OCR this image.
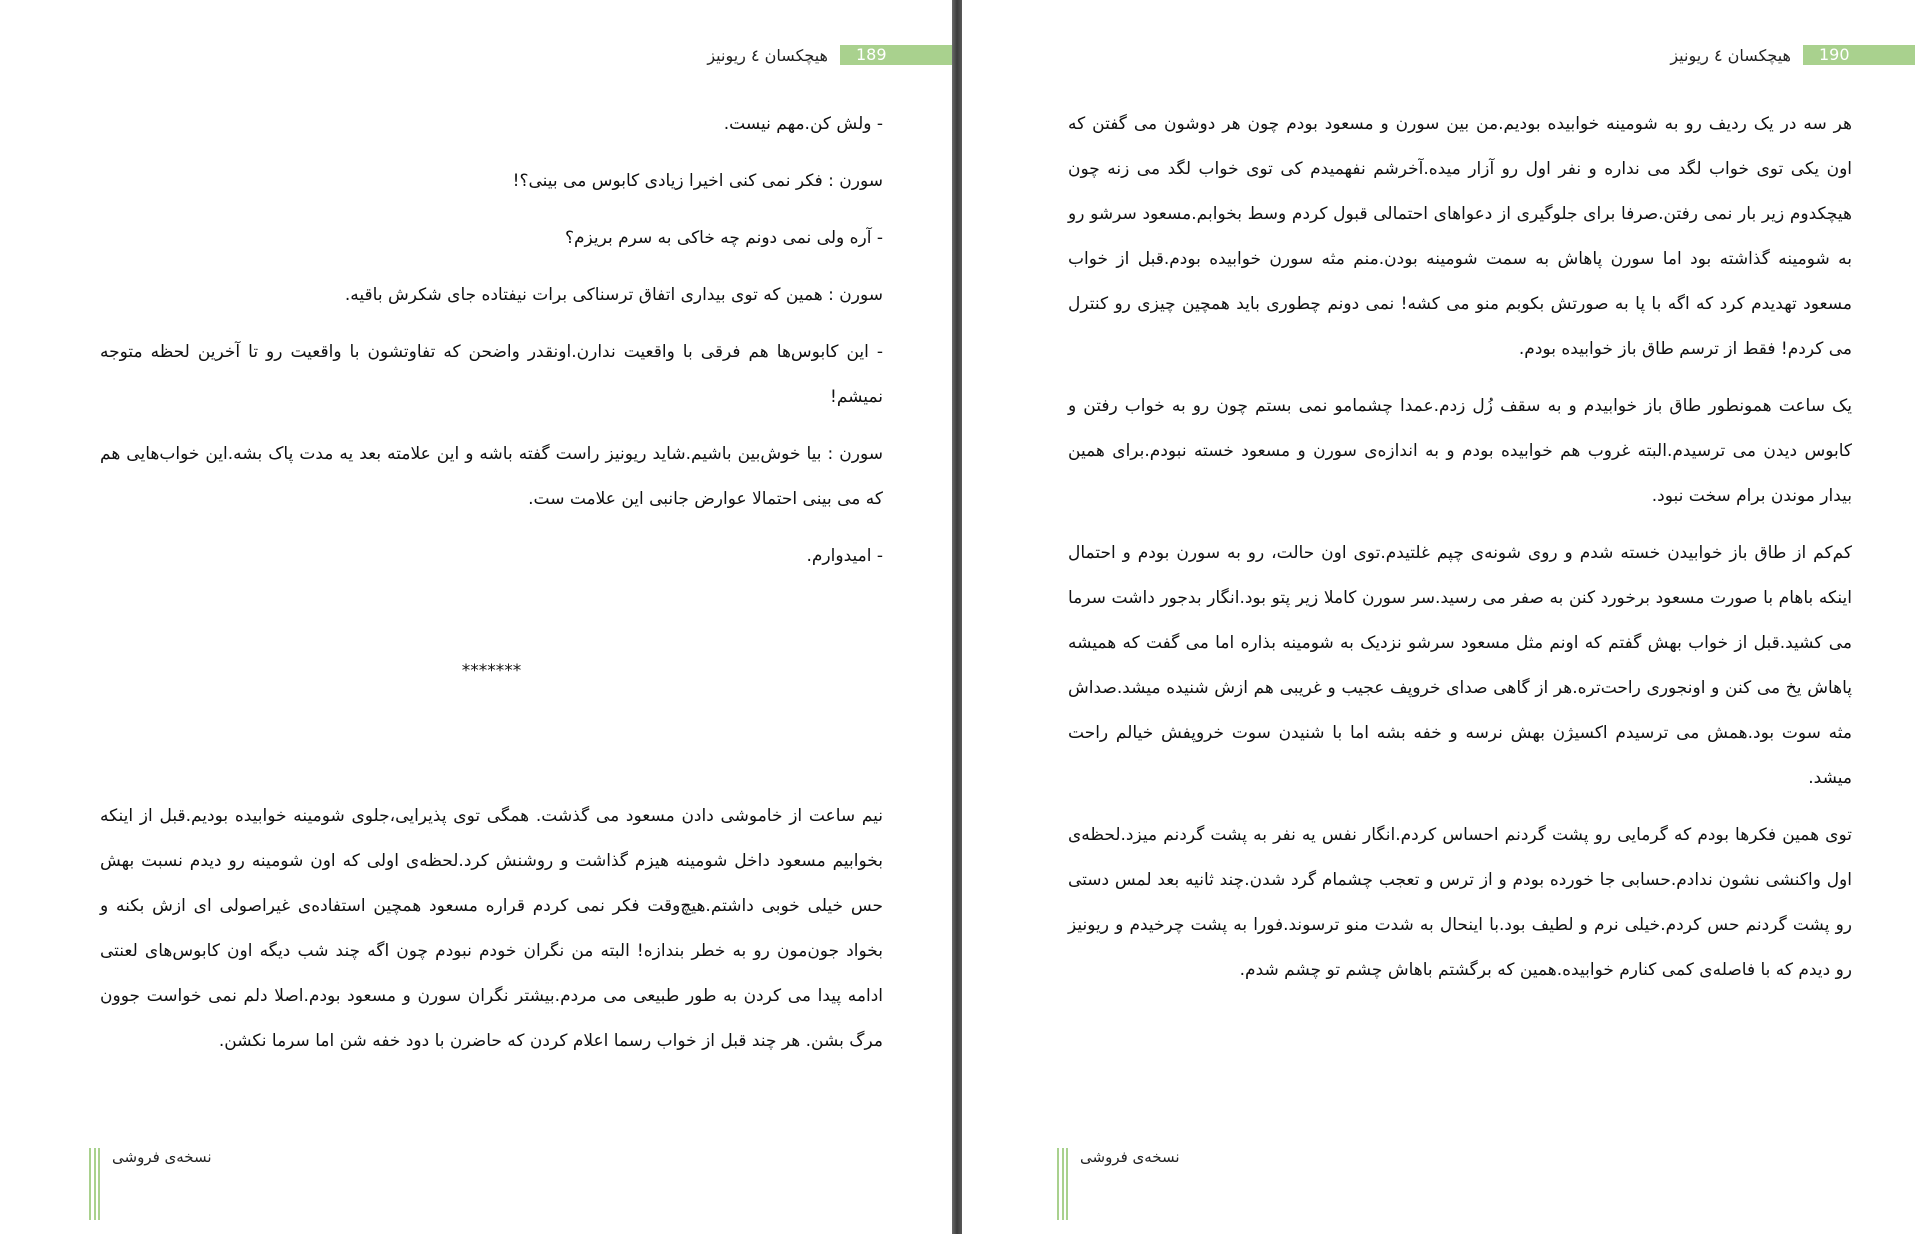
هیچکسان ٤ ریونیز	189

- ولش کن.مهم نیست.

سورن : فکر نمی کنی اخیرا زیادی کابوس می بینی؟!

- آره ولی نمی دونم چه خاکی به سرم بریزم؟

سورن : همین که توی بیداری اتفاق ترسناکی برات نیفتاده جای شکرش باقیه.

- این کابوس‌ها هم فرقی با واقعیت ندارن.اونقدر واضحن که تفاوتشون با واقعیت رو تا آخرین لحظه متوجه نمیشم!

سورن : بیا خوش‌بین باشیم.شاید ریونیز راست گفته باشه و این علامته بعد یه مدت پاک بشه.این خواب‌هایی هم که می بینی احتمالا عوارض جانبی این علامت ست.

- امیدوارم.

*******

نیم ساعت از خاموشی دادن مسعود می گذشت. همگی توی پذیرایی،جلوی شومینه خوابیده بودیم.قبل از اینکه بخوابیم مسعود داخل شومینه هیزم گذاشت و روشنش کرد.لحظه‌ی اولی که اون شومینه رو دیدم نسبت بهش حس خیلی خوبی داشتم.هیچ‌وقت فکر نمی کردم قراره مسعود همچین استفاده‌ی غیراصولی ای ازش بکنه و بخواد جون‌مون رو به خطر بندازه! البته من نگران خودم نبودم چون اگه چند شب دیگه اون کابوس‌های لعنتی ادامه پیدا می کردن به طور طبیعی می مردم.بیشتر نگران سورن و مسعود بودم.اصلا دلم نمی خواست جوون مرگ بشن. هر چند قبل از خواب رسما اعلام کردن که حاضرن با دود خفه شن اما سرما نکشن.

نسخه‌ی فروشی
هیچکسان ٤ ریونیز	190

هر سه در یک ردیف رو به شومینه خوابیده بودیم.من بین سورن و مسعود بودم چون هر دوشون می گفتن که اون یکی توی خواب لگد می نداره و نفر اول رو آزار میده.آخرشم نفهمیدم کی توی خواب لگد می زنه چون هیچکدوم زیر بار نمی رفتن.صرفا برای جلوگیری از دعواهای احتمالی قبول کردم وسط بخوابم.مسعود سرشو رو به شومینه گذاشته بود اما سورن پاهاش به سمت شومینه بودن.منم مثه سورن خوابیده بودم.قبل از خواب مسعود تهدیدم کرد که اگه با پا به صورتش بکوبم منو می کشه! نمی دونم چطوری باید همچین چیزی رو کنترل می کردم! فقط از ترسم طاق باز خوابیده بودم.

یک ساعت همونطور طاق باز خوابیدم و به سقف زُل زدم.عمدا چشمامو نمی بستم چون رو به خواب رفتن و کابوس دیدن می ترسیدم.البته غروب هم خوابیده بودم و به اندازه‌ی سورن و مسعود خسته نبودم.برای همین بیدار موندن برام سخت نبود.

کم‌کم از طاق باز خوابیدن خسته شدم و روی شونه‌ی چپم غلتیدم.توی اون حالت، رو به سورن بودم و احتمال اینکه باهام با صورت مسعود برخورد کنن به صفر می رسید.سر سورن کاملا زیر پتو بود.انگار بدجور داشت سرما می کشید.قبل از خواب بهش گفتم که اونم مثل مسعود سرشو نزدیک به شومینه بذاره اما می گفت که همیشه پاهاش یخ می کنن و اونجوری راحت‌تره.هر از گاهی صدای خروپف عجیب و غریبی هم ازش شنیده میشد.صداش مثه سوت بود.همش می ترسیدم اکسیژن بهش نرسه و خفه بشه اما با شنیدن سوت خروپفش خیالم راحت میشد.

توی همین فکرها بودم که گرمایی رو پشت گردنم احساس کردم.انگار نفس یه نفر به پشت گردنم میزد.لحظه‌ی اول واکنشی نشون ندادم.حسابی جا خورده بودم و از ترس و تعجب چشمام گرد شدن.چند ثانیه بعد لمس دستی رو پشت گردنم حس کردم.خیلی نرم و لطیف بود.با اینحال به شدت منو ترسوند.فورا به پشت چرخیدم و ریونیز رو دیدم که با فاصله‌ی کمی کنارم خوابیده.همین که برگشتم باهاش چشم تو چشم شدم.

نسخه‌ی فروشی
